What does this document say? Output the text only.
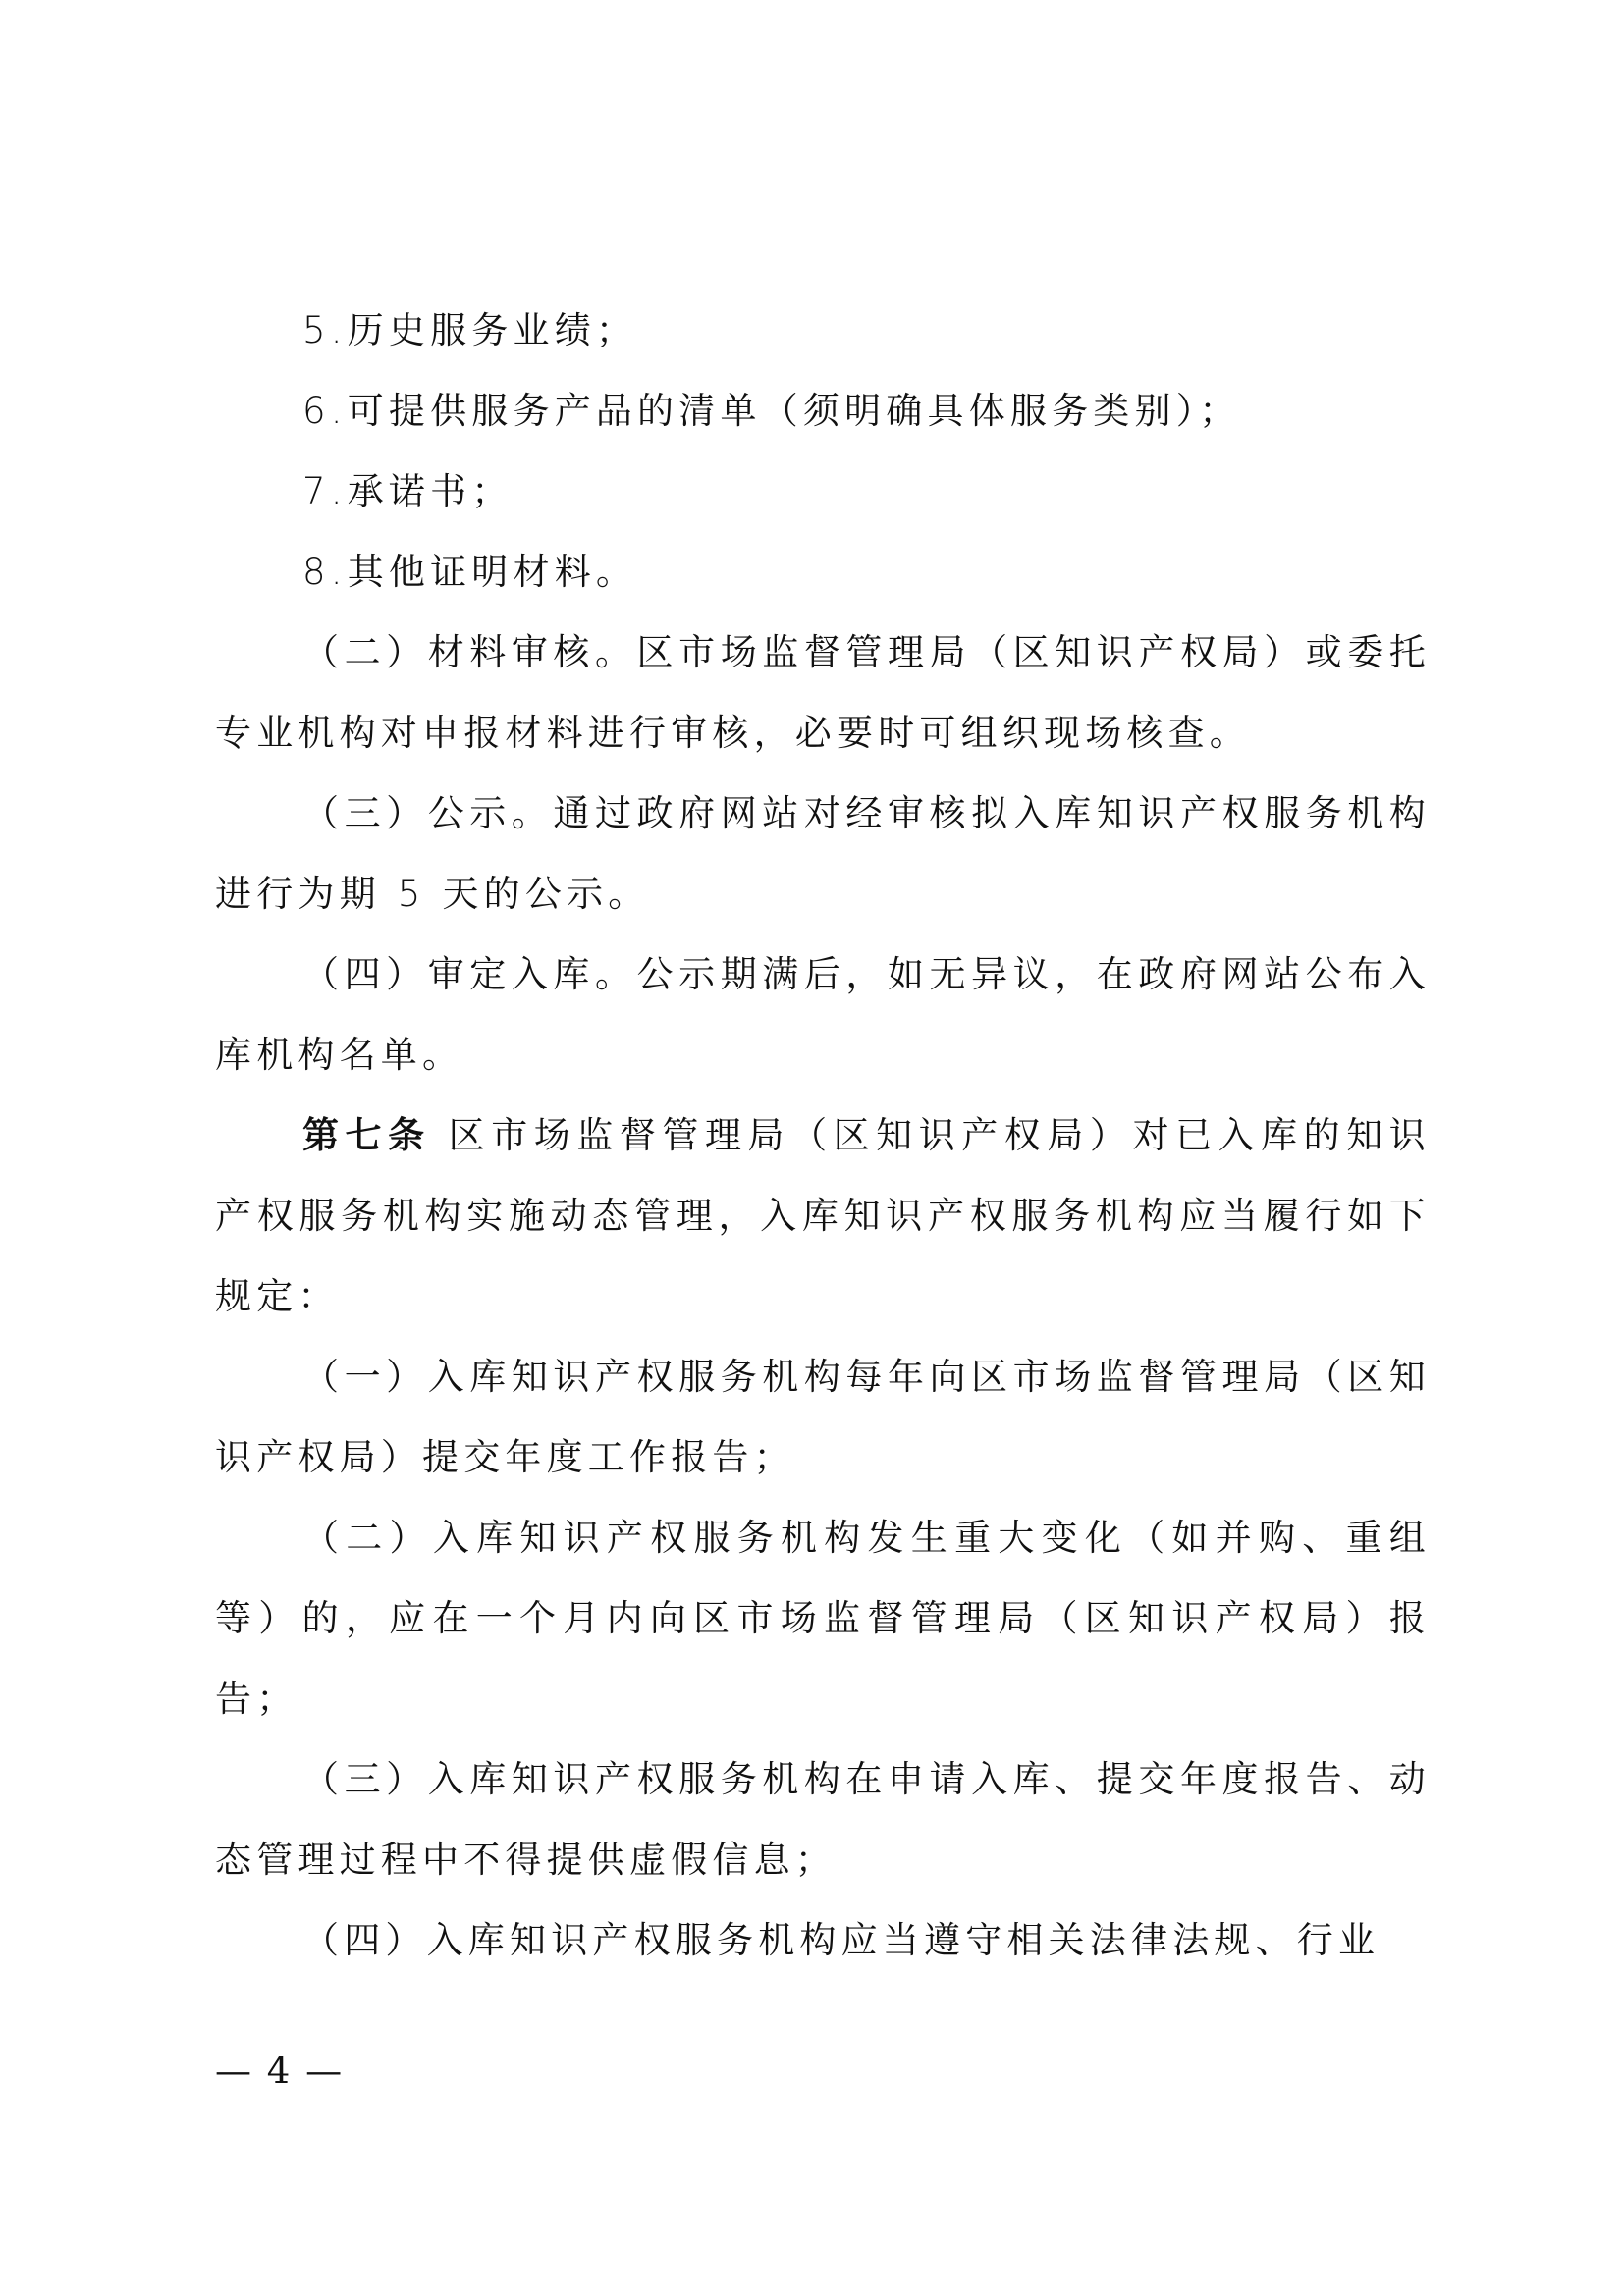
5.历史服务业绩；

6.可提供服务产品的清单（须明确具体服务类别）；

7.承诺书；

8.其他证明材料。

（二）材料审核。区市场监督管理局（区知识产权局）或委托专业机构对申报材料进行审核，必要时可组织现场核查。

（三）公示。通过政府网站对经审核拟入库知识产权服务机构进行为期 5 天的公示。

（四）审定入库。公示期满后，如无异议，在政府网站公布入库机构名单。

第七条 区市场监督管理局（区知识产权局）对已入库的知识产权服务机构实施动态管理，入库知识产权服务机构应当履行如下规定：

（一）入库知识产权服务机构每年向区市场监督管理局（区知识产权局）提交年度工作报告；

（二）入库知识产权服务机构发生重大变化（如并购、重组等）的，应在一个月内向区市场监督管理局（区知识产权局）报告；

（三）入库知识产权服务机构在申请入库、提交年度报告、动态管理过程中不得提供虚假信息；

（四）入库知识产权服务机构应当遵守相关法律法规、行业

— 4 —
